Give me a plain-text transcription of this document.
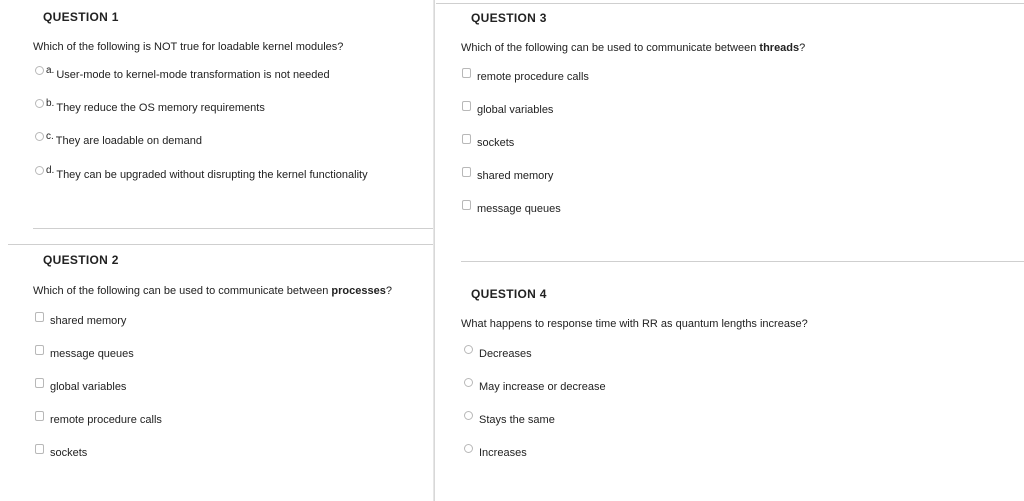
QUESTION 1
Which of the following is NOT true for loadable kernel modules?
a. User-mode to kernel-mode transformation is not needed
b. They reduce the OS memory requirements
c. They are loadable on demand
d. They can be upgraded without disrupting the kernel functionality
QUESTION 2
Which of the following can be used to communicate between processes?
shared memory
message queues
global variables
remote procedure calls
sockets
QUESTION 3
Which of the following can be used to communicate between threads?
remote procedure calls
global variables
sockets
shared memory
message queues
QUESTION 4
What happens to response time with RR as quantum lengths increase?
Decreases
May increase or decrease
Stays the same
Increases
